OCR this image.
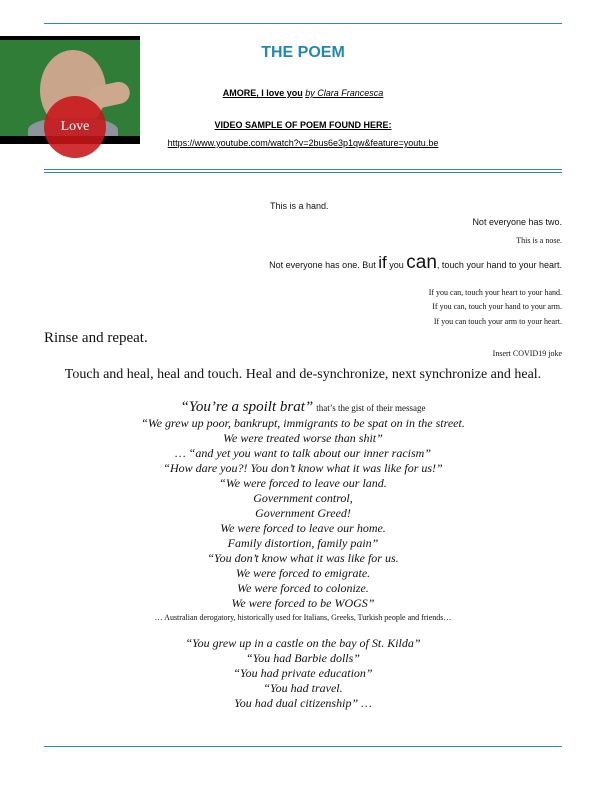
Love
THE POEM
AMORE, I love you by Clara Francesca
VIDEO SAMPLE OF POEM FOUND HERE:
https://www.youtube.com/watch?v=2bus6e3p1qw&feature=youtu.be
This is a hand.
Not everyone has two.
This is a nose.
Not everyone has one. But if you can, touch your hand to your heart.
If you can, touch your heart to your hand.
If you can, touch your hand to your arm.
If you can touch your arm to your heart.
Rinse and repeat.
Insert COVID19 joke
Touch and heal, heal and touch. Heal and de-synchronize, next synchronize and heal.
“You’re a spoilt brat” that’s the gist of their message
“We grew up poor, bankrupt, immigrants to be spat on in the street.
We were treated worse than shit”
… “and yet you want to talk about our inner racism”
“How dare you?! You don’t know what it was like for us!”
“We were forced to leave our land.
Government control,
Government Greed!
We were forced to leave our home.
Family distortion, family pain”
“You don’t know what it was like for us.
We were forced to emigrate.
We were forced to colonize.
We were forced to be WOGS”
… Australian derogatory, historically used for Italians, Greeks, Turkish people and friends…
“You grew up in a castle on the bay of St. Kilda”
“You had Barbie dolls”
“You had private education”
“You had travel.
You had dual citizenship” …
